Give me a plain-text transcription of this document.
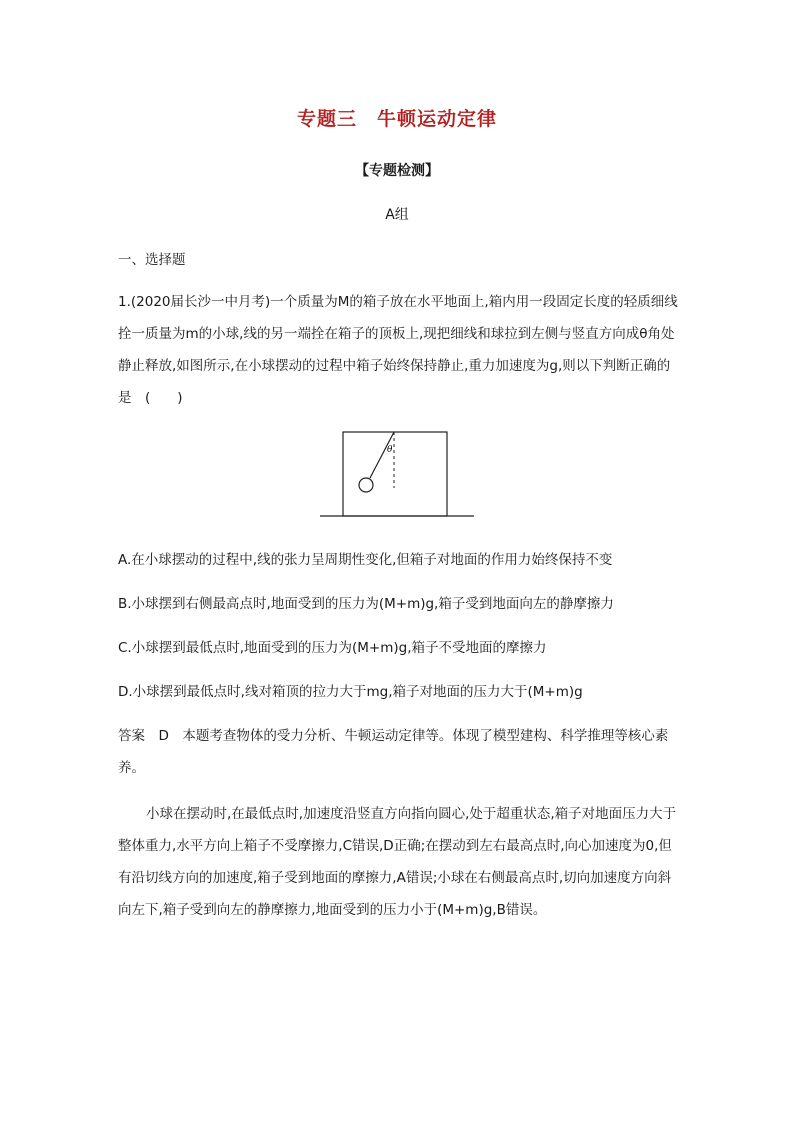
专题三　牛顿运动定律
【专题检测】
A组
一、选择题
1.(2020届长沙一中月考)一个质量为M的箱子放在水平地面上,箱内用一段固定长度的轻质细线拴一质量为m的小球,线的另一端拴在箱子的顶板上,现把细线和球拉到左侧与竖直方向成θ角处静止释放,如图所示,在小球摆动的过程中箱子始终保持静止,重力加速度为g,则以下判断正确的是　(　　)
θ
A.在小球摆动的过程中,线的张力呈周期性变化,但箱子对地面的作用力始终保持不变
B.小球摆到右侧最高点时,地面受到的压力为(M+m)g,箱子受到地面向左的静摩擦力
C.小球摆到最低点时,地面受到的压力为(M+m)g,箱子不受地面的摩擦力
D.小球摆到最低点时,线对箱顶的拉力大于mg,箱子对地面的压力大于(M+m)g
答案　D　本题考查物体的受力分析、牛顿运动定律等。体现了模型建构、科学推理等核心素养。
小球在摆动时,在最低点时,加速度沿竖直方向指向圆心,处于超重状态,箱子对地面压力大于整体重力,水平方向上箱子不受摩擦力,C错误,D正确;在摆动到左右最高点时,向心加速度为0,但有沿切线方向的加速度,箱子受到地面的摩擦力,A错误;小球在右侧最高点时,切向加速度方向斜向左下,箱子受到向左的静摩擦力,地面受到的压力小于(M+m)g,B错误。
